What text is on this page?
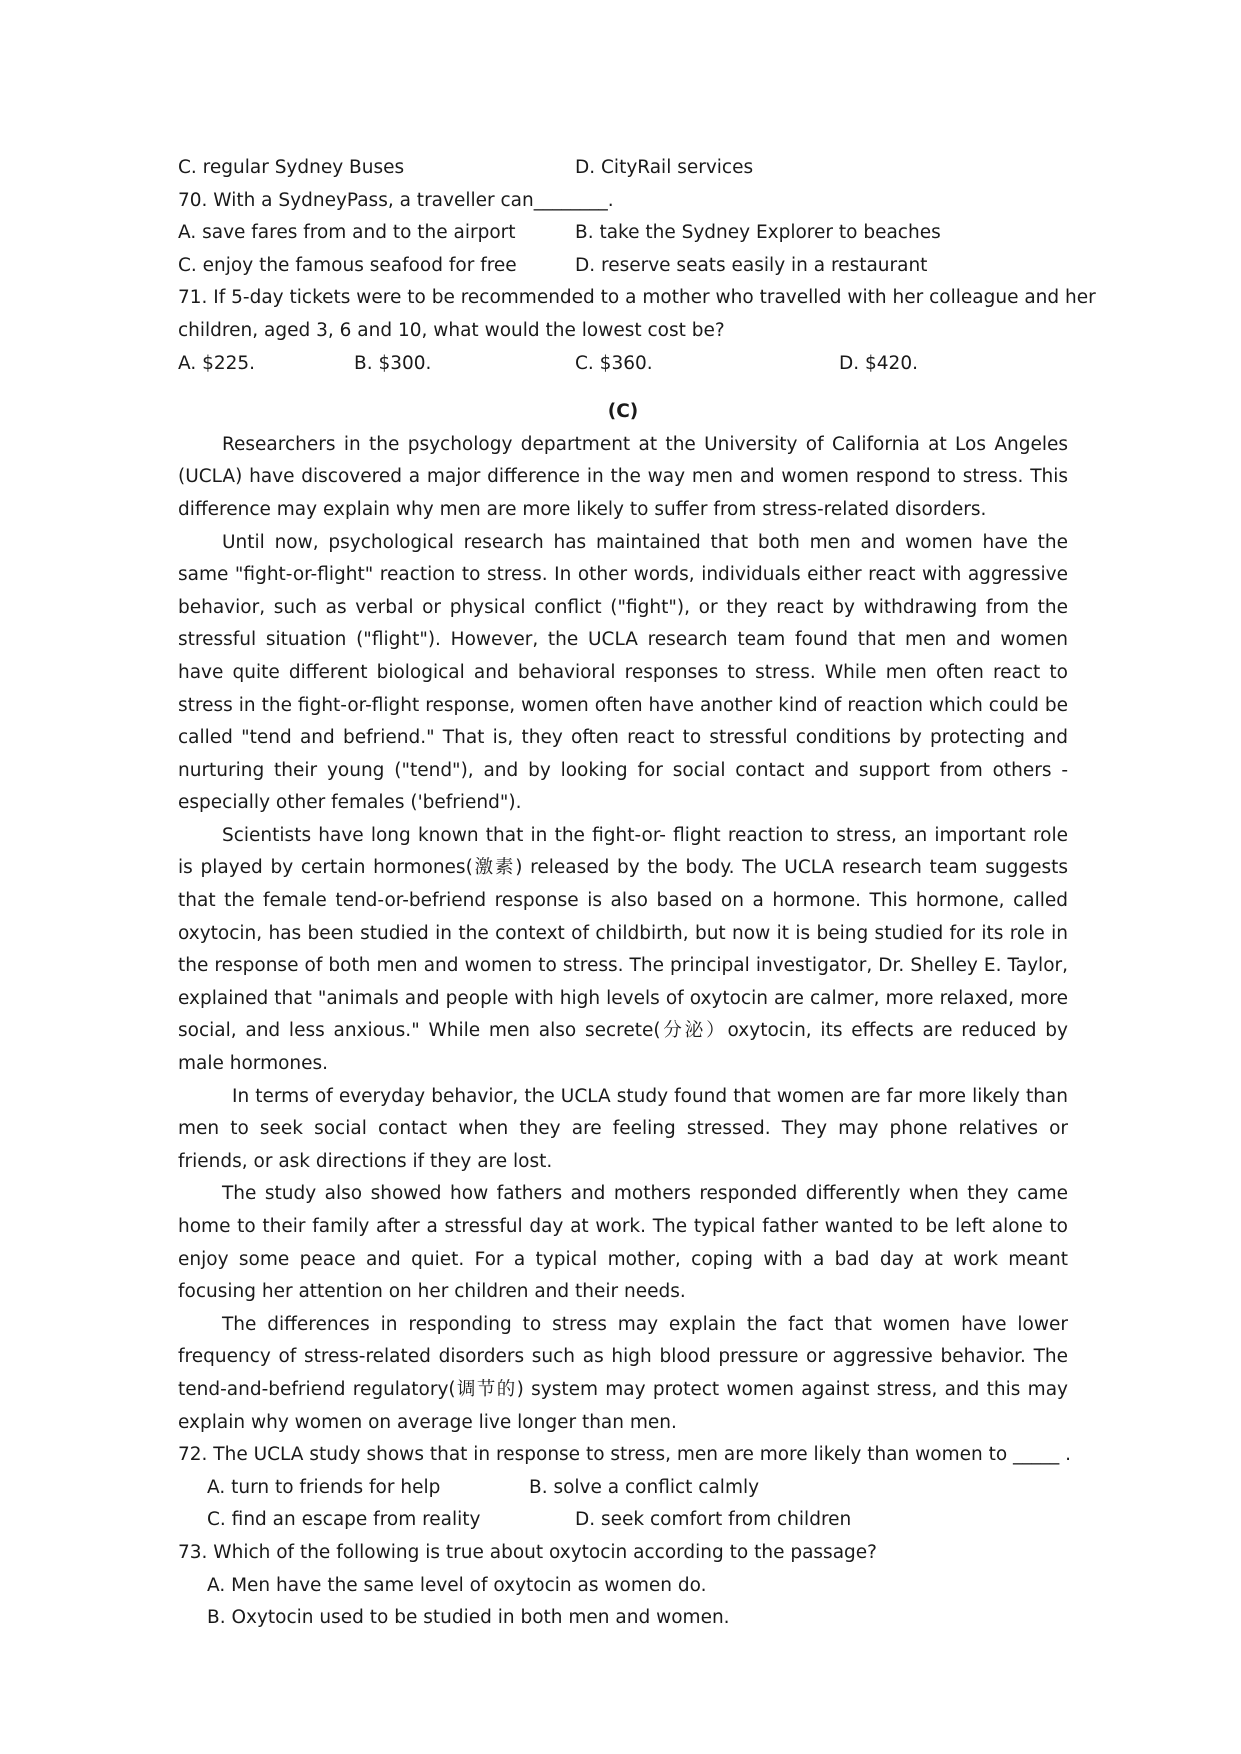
C. regular Sydney Buses	D. CityRail services
70. With a SydneyPass, a traveller can________.
A. save fares from and to the airport	B. take the Sydney Explorer to beaches
C. enjoy the famous seafood for free	D. reserve seats easily in a restaurant
71. If 5-day tickets were to be recommended to a mother who travelled with her colleague and her
children, aged 3, 6 and 10, what would the lowest cost be?
A. $225.	B. $300.	C. $360.	D. $420.
(C)

Researchers in the psychology department at the University of California at Los Angeles (UCLA) have discovered a major difference in the way men and women respond to stress. This difference may explain why men are more likely to suffer from stress-related disorders.

Until now, psychological research has maintained that both men and women have the same "fight-or-flight" reaction to stress. In other words, individuals either react with aggressive behavior, such as verbal or physical conflict ("fight"), or they react by withdrawing from the stressful situation ("flight"). However, the UCLA research team found that men and women have quite different biological and behavioral responses to stress. While men often react to stress in the fight-or-flight response, women often have another kind of reaction which could be called "tend and befriend." That is, they often react to stressful conditions by protecting and nurturing their young ("tend"), and by looking for social contact and support from others - especially other females ('befriend").

Scientists have long known that in the fight-or- flight reaction to stress, an important role is played by certain hormones(激素) released by the body. The UCLA research team suggests that the female tend-or-befriend response is also based on a hormone. This hormone, called oxytocin, has been studied in the context of childbirth, but now it is being studied for its role in the response of both men and women to stress. The principal investigator, Dr. Shelley E. Taylor, explained that "animals and people with high levels of oxytocin are calmer, more relaxed, more social, and less anxious." While men also secrete(分泌）oxytocin, its effects are reduced by male hormones.

In terms of everyday behavior, the UCLA study found that women are far more likely than men to seek social contact when they are feeling stressed. They may phone relatives or friends, or ask directions if they are lost.

The study also showed how fathers and mothers responded differently when they came home to their family after a stressful day at work. The typical father wanted to be left alone to enjoy some peace and quiet. For a typical mother, coping with a bad day at work meant focusing her attention on her children and their needs.

The differences in responding to stress may explain the fact that women have lower frequency of stress-related disorders such as high blood pressure or aggressive behavior. The tend-and-befriend regulatory(调节的) system may protect women against stress, and this may explain why women on average live longer than men.

72. The UCLA study shows that in response to stress, men are more likely than women to _____ .
A. turn to friends for help	B. solve a conflict calmly
C. find an escape from reality	D. seek comfort from children
73. Which of the following is true about oxytocin according to the passage?
A. Men have the same level of oxytocin as women do.
B. Oxytocin used to be studied in both men and women.
